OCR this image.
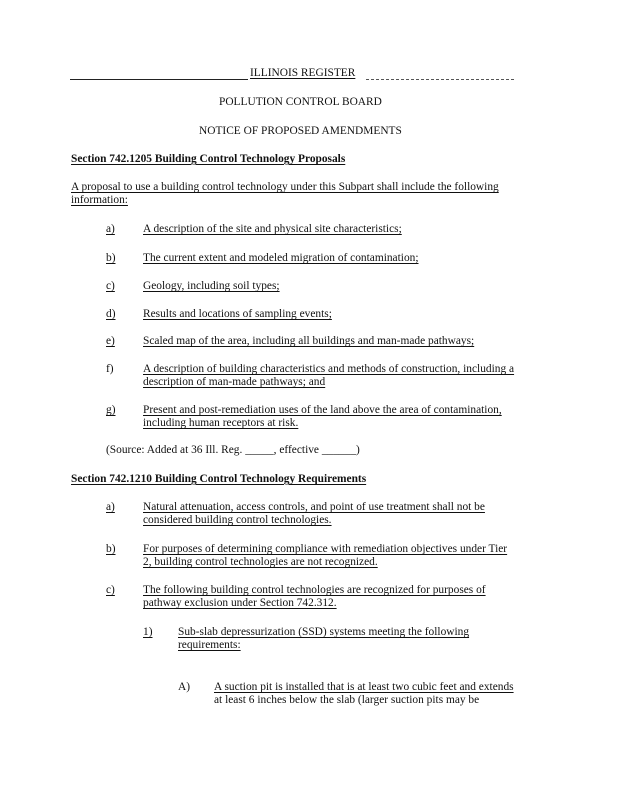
ILLINOIS REGISTER
POLLUTION CONTROL BOARD
NOTICE OF PROPOSED AMENDMENTS
Section 742.1205 Building Control Technology Proposals
A proposal to use a building control technology under this Subpart shall include the following
information:
a) A description of the site and physical site characteristics;
b) The current extent and modeled migration of contamination;
c) Geology, including soil types;
d) Results and locations of sampling events;
e) Scaled map of the area, including all buildings and man-made pathways;
f)	A description of building characteristics and methods of construction, including a
description of man-made pathways; and
g) Present and post-remediation uses of the land above the area of contamination,
including human receptors at risk.
(Source: Added at 36 Ill. Reg. _____, effective ______)
Section 742.1210 Building Control Technology Requirements
a) Natural attenuation, access controls, and point of use treatment shall not be
considered building control technologies.
b) For purposes of determining compliance with remediation objectives under Tier
2, building control technologies are not recognized.
c) The following building control technologies are recognized for purposes of
pathway exclusion under Section 742.312.
1) Sub-slab depressurization (SSD) systems meeting the following
requirements:
A) A suction pit is installed that is at least two cubic feet and extends
at least 6 inches below the slab (larger suction pits may be
